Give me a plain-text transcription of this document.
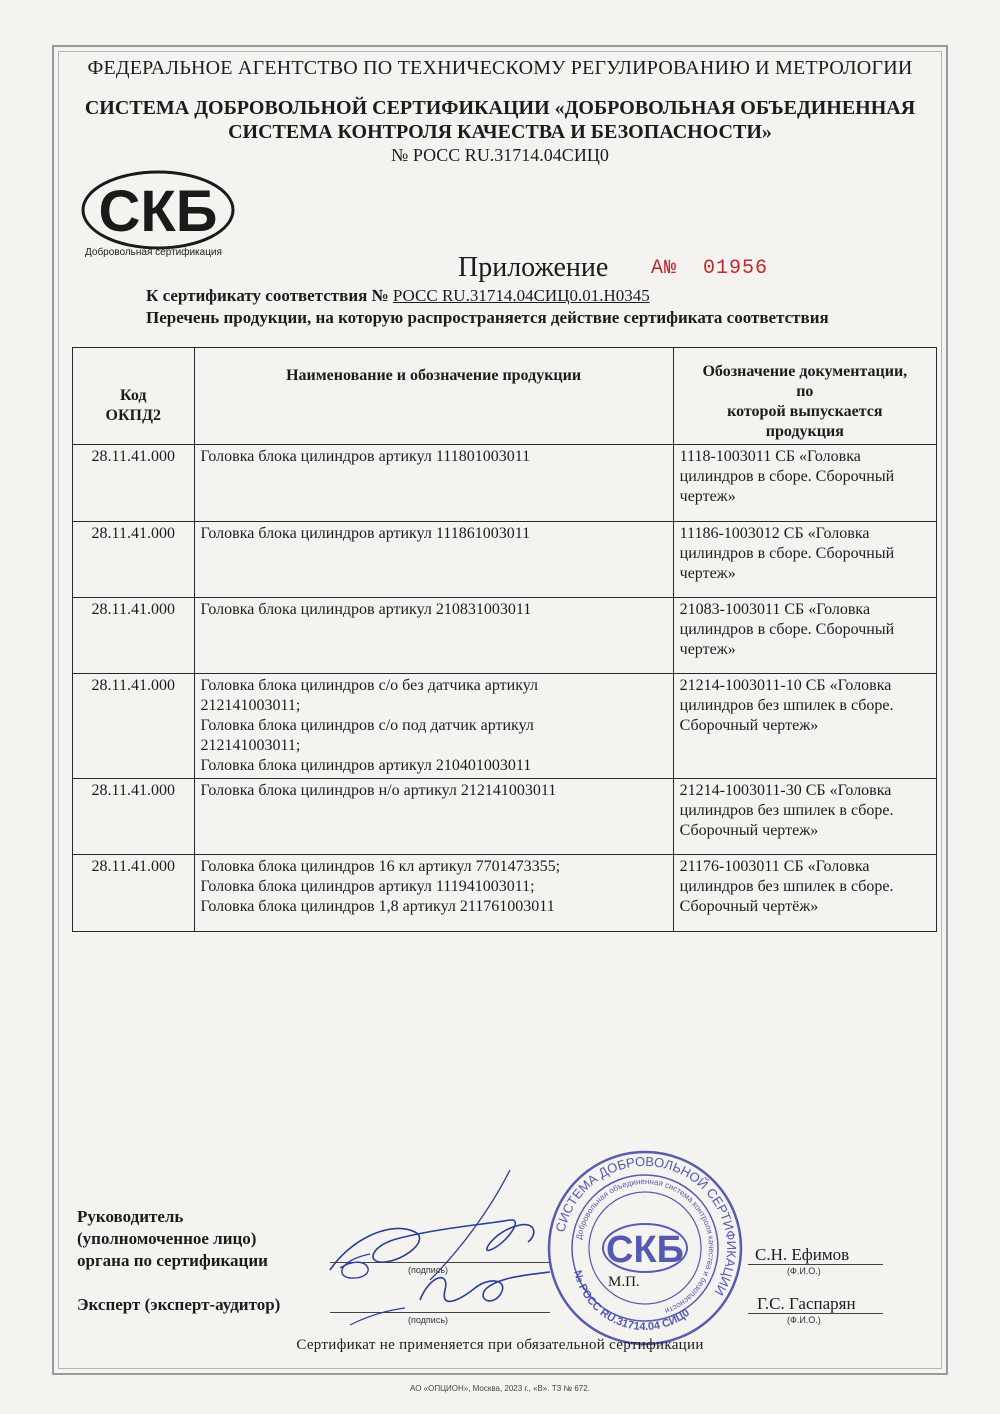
ФЕДЕРАЛЬНОЕ АГЕНТСТВО ПО ТЕХНИЧЕСКОМУ РЕГУЛИРОВАНИЮ И МЕТРОЛОГИИ
СИСТЕМА ДОБРОВОЛЬНОЙ СЕРТИФИКАЦИИ «ДОБРОВОЛЬНАЯ ОБЪЕДИНЕННАЯ
СИСТЕМА КОНТРОЛЯ КАЧЕСТВА И БЕЗОПАСНОСТИ»
№ РОСС RU.31714.04СИЦ0
СКБ
Добровольная сертификация	Приложение А№  01956
К сертификату соответствия № РОСС RU.31714.04СИЦ0.01.Н0345
Перечень продукции, на которую распространяется действие сертификата соответствия
Код
ОКПД2	Наименование и обозначение продукции	Обозначение документации,
по
которой выпускается
продукция

28.11.41.000	Головка блока цилиндров артикул 111801003011	1118-1003011 СБ «Головка
цилиндров в сборе. Сборочный
чертеж»

28.11.41.000	Головка блока цилиндров артикул 111861003011	11186-1003012 СБ «Головка
цилиндров в сборе. Сборочный
чертеж»

28.11.41.000	Головка блока цилиндров артикул 210831003011	21083-1003011 СБ «Головка
цилиндров в сборе. Сборочный
чертеж»

28.11.41.000	Головка блока цилиндров с/о без датчика артикул
212141003011;
Головка блока цилиндров с/о под датчик артикул
212141003011;
Головка блока цилиндров артикул 210401003011	21214-1003011-10 СБ «Головка
цилиндров без шпилек в сборе.
Сборочный чертеж»

28.11.41.000	Головка блока цилиндров н/о артикул 212141003011	21214-1003011-30 СБ «Головка
цилиндров без шпилек в сборе.
Сборочный чертеж»

28.11.41.000	Головка блока цилиндров 16 кл артикул 7701473355;
Головка блока цилиндров артикул 111941003011;
Головка блока цилиндров 1,8 артикул 211761003011	21176-1003011 СБ «Головка
цилиндров без шпилек в сборе.
Сборочный чертёж»
Руководитель
(уполномоченное лицо)
органа по сертификации	(подпись)
С.Н. Ефимов
(Ф.И.О.)
М.П.
Эксперт (эксперт-аудитор)
(подпись)
Г.С. Гаспарян
(Ф.И.О.)
СИСТЕМА ДОБРОВОЛЬНОЙ СЕРТИФИКАЦИИ
Добровольная объединенная система контроля качества и безопасности
№ РОСС RU.31714.04 СИЦ0
СКБ
Сертификат не применяется при обязательной сертификации
АО «ОПЦИОН», Москва, 2023 г., «В». ТЗ № 672.
